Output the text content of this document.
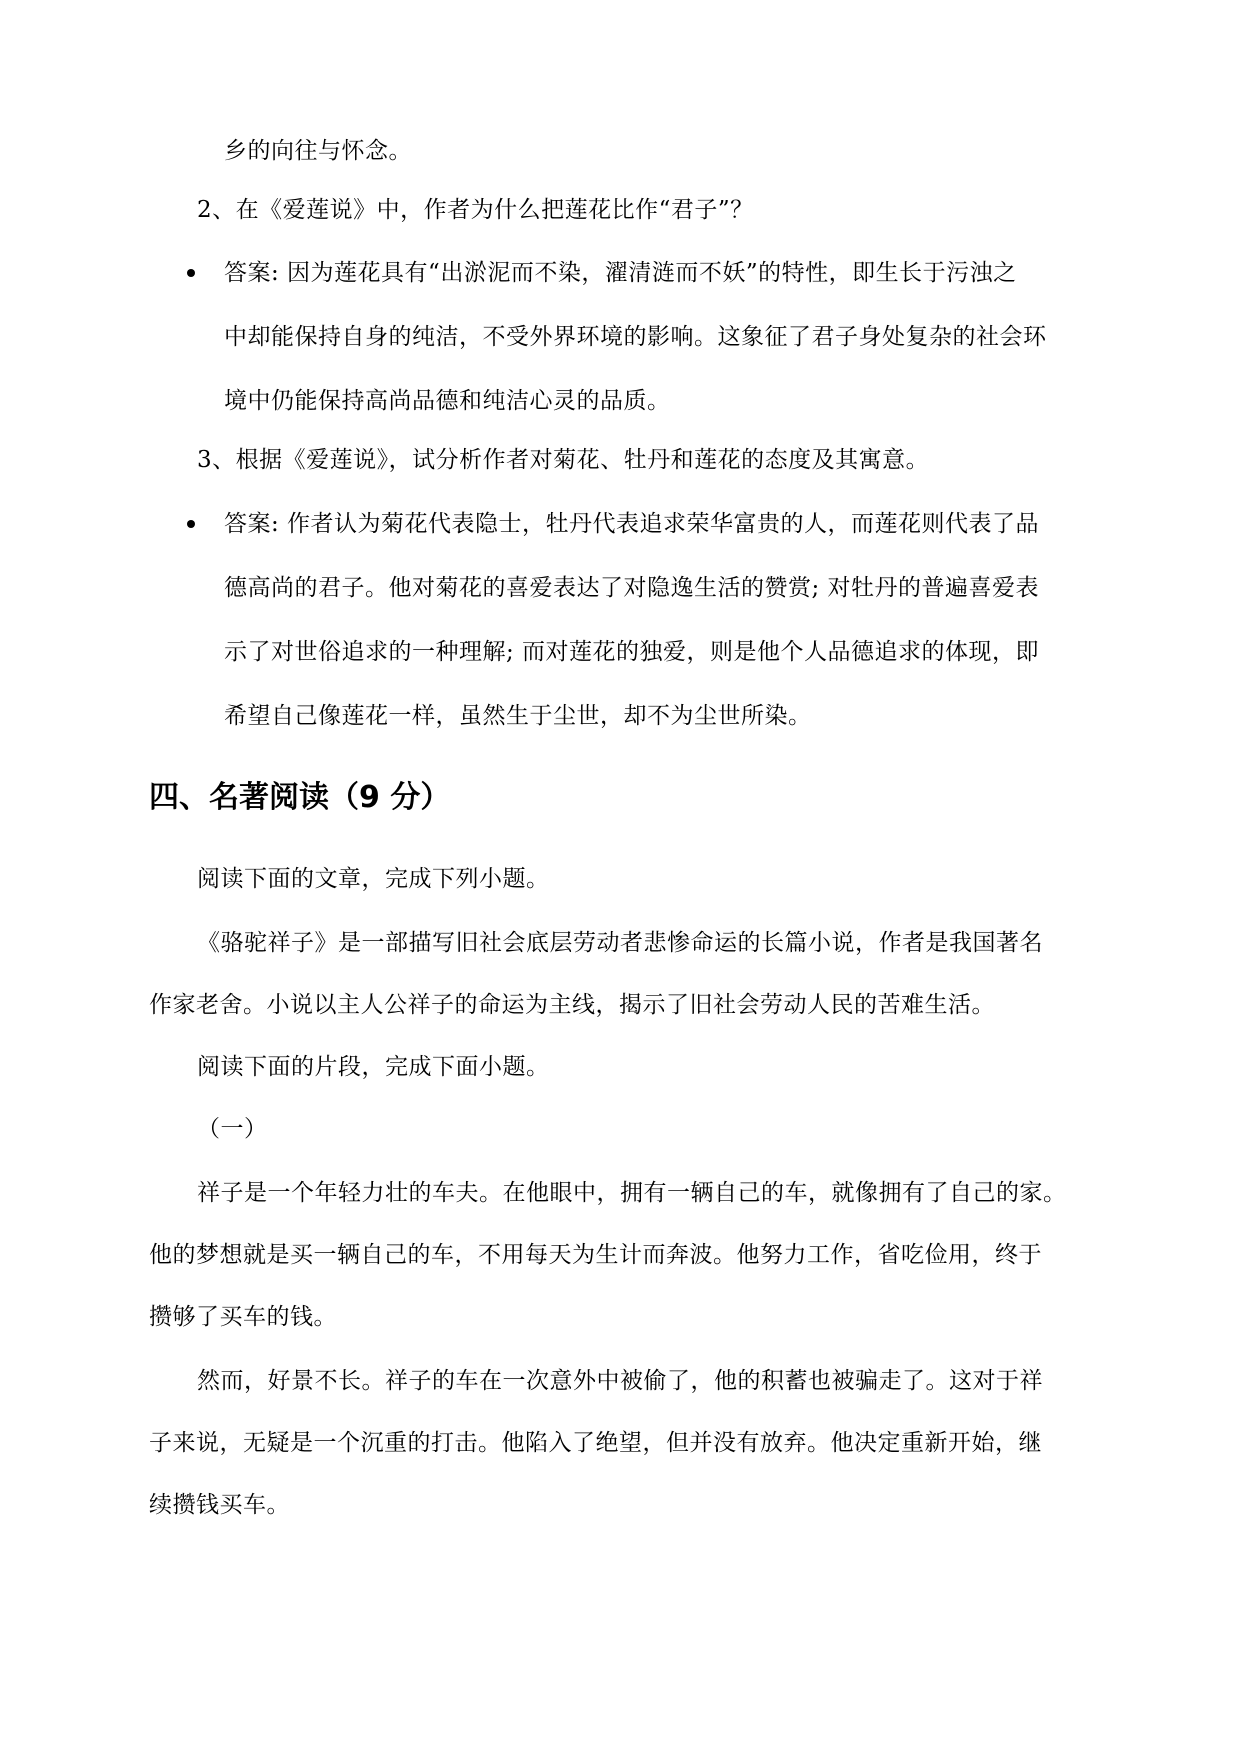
乡的向往与怀念。
2、在《爱莲说》中，作者为什么把莲花比作“君子”？
答案: 因为莲花具有“出淤泥而不染，濯清涟而不妖”的特性，即生长于污浊之
中却能保持自身的纯洁，不受外界环境的影响。这象征了君子身处复杂的社会环
境中仍能保持高尚品德和纯洁心灵的品质。
3、根据《爱莲说》，试分析作者对菊花、牡丹和莲花的态度及其寓意。
答案: 作者认为菊花代表隐士，牡丹代表追求荣华富贵的人，而莲花则代表了品
德高尚的君子。他对菊花的喜爱表达了对隐逸生活的赞赏; 对牡丹的普遍喜爱表
示了对世俗追求的一种理解; 而对莲花的独爱，则是他个人品德追求的体现，即
希望自己像莲花一样，虽然生于尘世，却不为尘世所染。
四、名著阅读（9 分）
阅读下面的文章，完成下列小题。
《骆驼祥子》是一部描写旧社会底层劳动者悲惨命运的长篇小说，作者是我国著名
作家老舍。小说以主人公祥子的命运为主线，揭示了旧社会劳动人民的苦难生活。
阅读下面的片段，完成下面小题。
（一）
祥子是一个年轻力壮的车夫。在他眼中，拥有一辆自己的车，就像拥有了自己的家。
他的梦想就是买一辆自己的车，不用每天为生计而奔波。他努力工作，省吃俭用，终于
攒够了买车的钱。
然而，好景不长。祥子的车在一次意外中被偷了，他的积蓄也被骗走了。这对于祥
子来说，无疑是一个沉重的打击。他陷入了绝望，但并没有放弃。他决定重新开始，继
续攒钱买车。
